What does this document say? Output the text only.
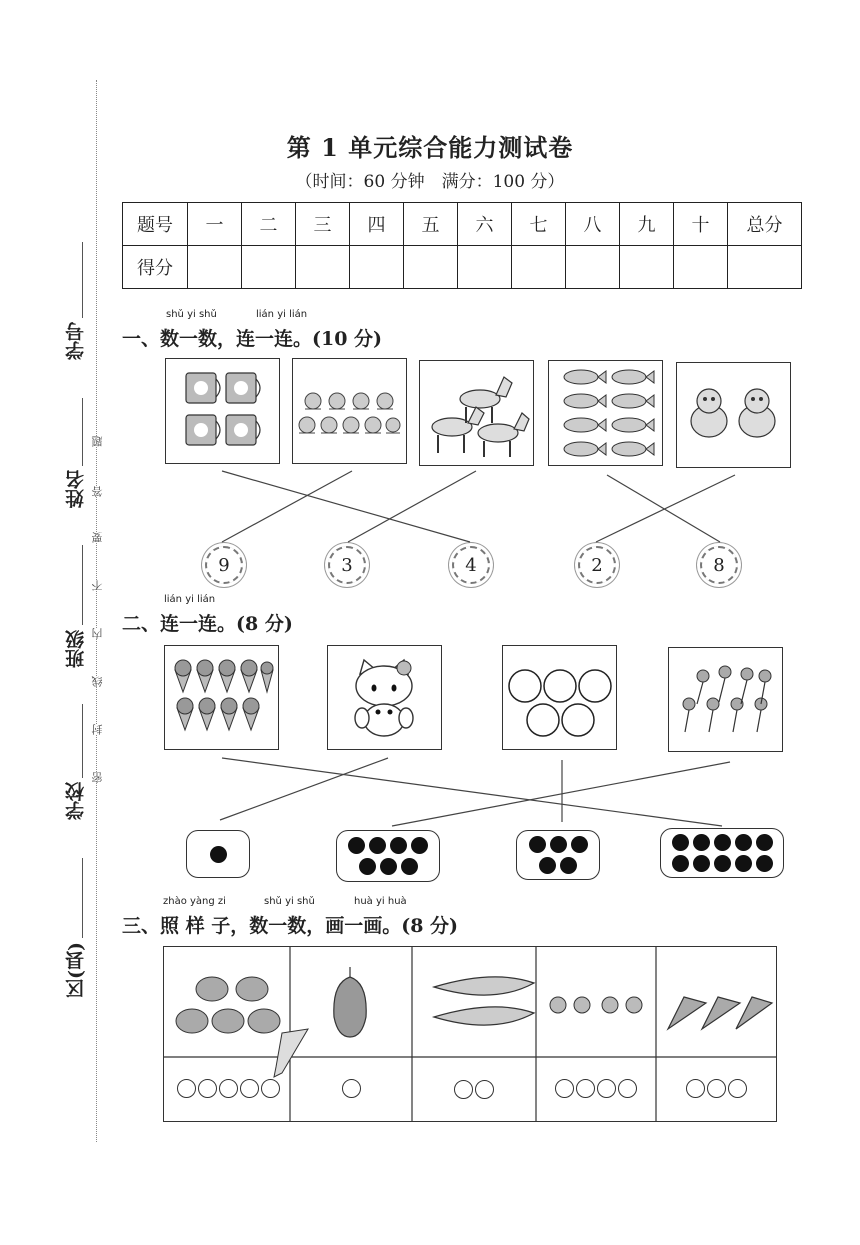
学号
姓名
班级
学校
区(县)
题
答
要
不
内
线
封
密
第 1 单元综合能力测试卷
（时间：60 分钟　满分：100 分）
题号	一	二	三	四	五	六	七	八	九	十	总分
得分											
shǔ yi shǔ	lián yi lián
一、数一数，连一连。(10 分)
9	3	4	2	8
lián yi lián
二、连一连。(8 分)
zhào yàng zi	shǔ yi shǔ	huà yi huà
三、照 样 子，数一数，画一画。(8 分)
